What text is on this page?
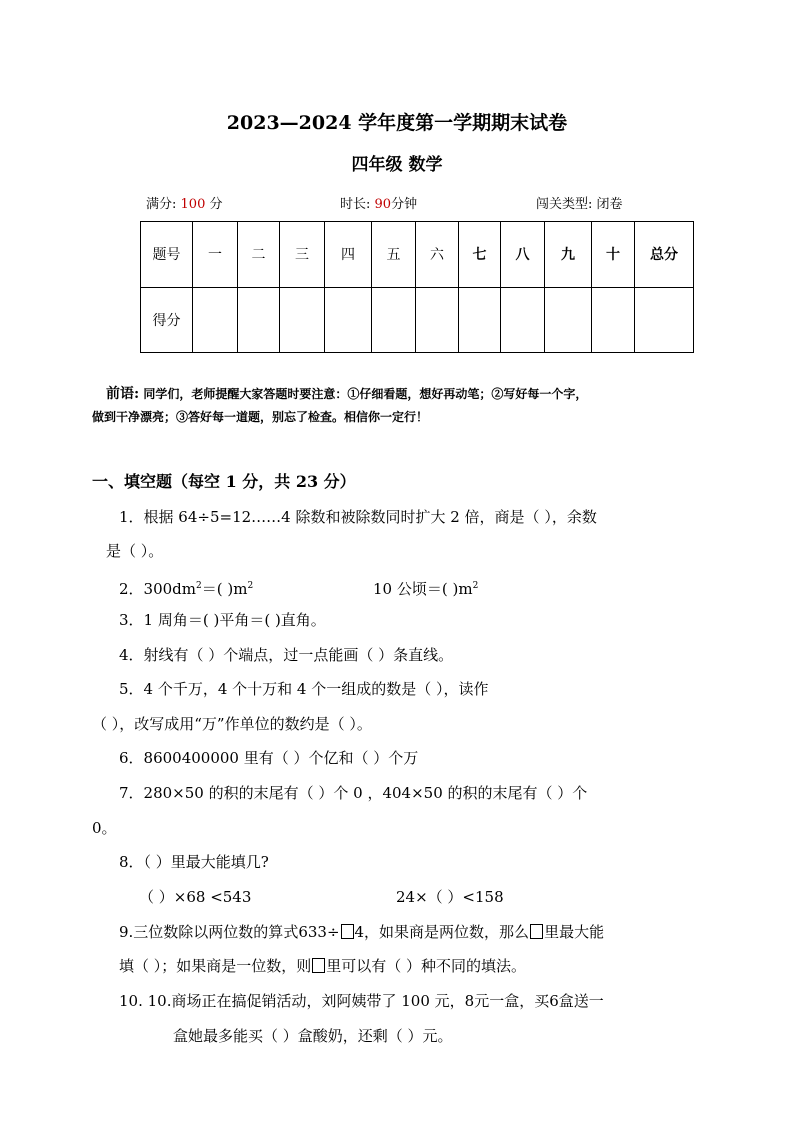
2023—2024 学年度第一学期期末试卷
四年级 数学
满分: 100 分	时长: 90分钟	闯关类型: 闭卷
题号	一	二	三	四	五	六	七	八	九	十	总分
得分											
前语: 同学们，老师提醒大家答题时要注意：①仔细看题，想好再动笔；②写好每一个字，
做到干净漂亮；③答好每一道题，别忘了检查。相信你一定行！
一、填空题（每空 1 分，共 23 分）
1．根据 64÷5=12……4 除数和被除数同时扩大 2 倍，商是（ ），余数
是（ ）。
2．$300dm^2=$( )$m^2$	10 公顷＝( )$m^2$
3．1 周角＝( )平角＝( )直角。
4．射线有（ ）个端点，过一点能画（ ）条直线。
5．4 个千万，4 个十万和 4 个一组成的数是（ ），读作
（ ），改写成用“万”作单位的数约是（ ）。
6．8600400000 里有（ ）个亿和（ ）个万
7．280×50 的积的末尾有（ ）个 0 ，404×50 的积的末尾有（ ）个
0。
8．（ ）里最大能填几?
（ ）×68 <543	24×（ ）<158
9.三位数除以两位数的算式633÷ 4，如果商是两位数，那么 里最大能
填（ ）；如果商是一位数，则 里可以有（ ）种不同的填法。
10. 10.商场正在搞促销活动，刘阿姨带了 100 元，8元一盒，买6盒送一
盒她最多能买（ ）盒酸奶，还剩（ ）元。
